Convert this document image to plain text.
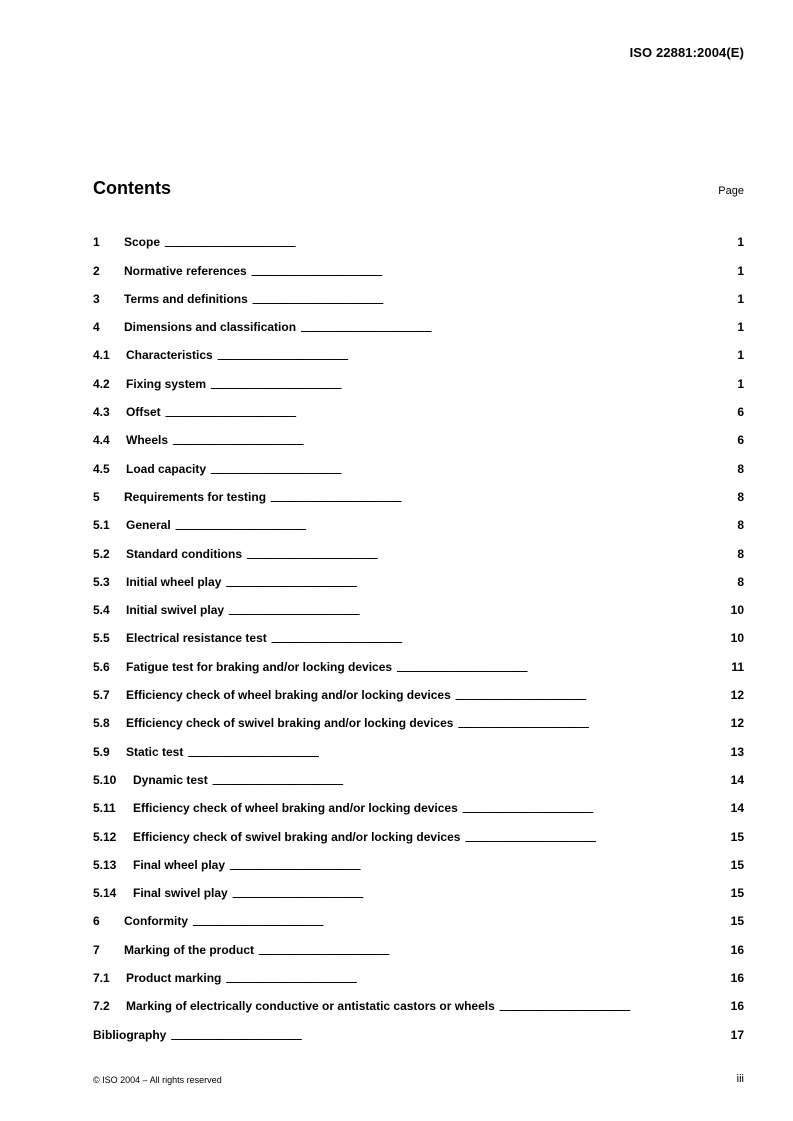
ISO 22881:2004(E)
Contents	Page
1	Scope . . .	1
2	Normative references . . .	1
3	Terms and definitions . . .	1
4	Dimensions and classification . . .	1
4.1	Characteristics . . .	1
4.2	Fixing system . . .	1
4.3	Offset . . .	6
4.4	Wheels . . .	6
4.5	Load capacity . . .	8
5	Requirements for testing . . .	8
5.1	General . . .	8
5.2	Standard conditions . . .	8
5.3	Initial wheel play . . .	8
5.4	Initial swivel play . . .	10
5.5	Electrical resistance test . . .	10
5.6	Fatigue test for braking and/or locking devices . . .	11
5.7	Efficiency check of wheel braking and/or locking devices . . .	12
5.8	Efficiency check of swivel braking and/or locking devices . . .	12
5.9	Static test . . .	13
5.10	Dynamic test . . .	14
5.11	Efficiency check of wheel braking and/or locking devices . . .	14
5.12	Efficiency check of swivel braking and/or locking devices . . .	15
5.13	Final wheel play . . .	15
5.14	Final swivel play . . .	15
6	Conformity . . .	15
7	Marking of the product . . .	16
7.1	Product marking . . .	16
7.2	Marking of electrically conductive or antistatic castors or wheels . . .	16
Bibliography . . .	17
© ISO 2004 – All rights reserved	iii
